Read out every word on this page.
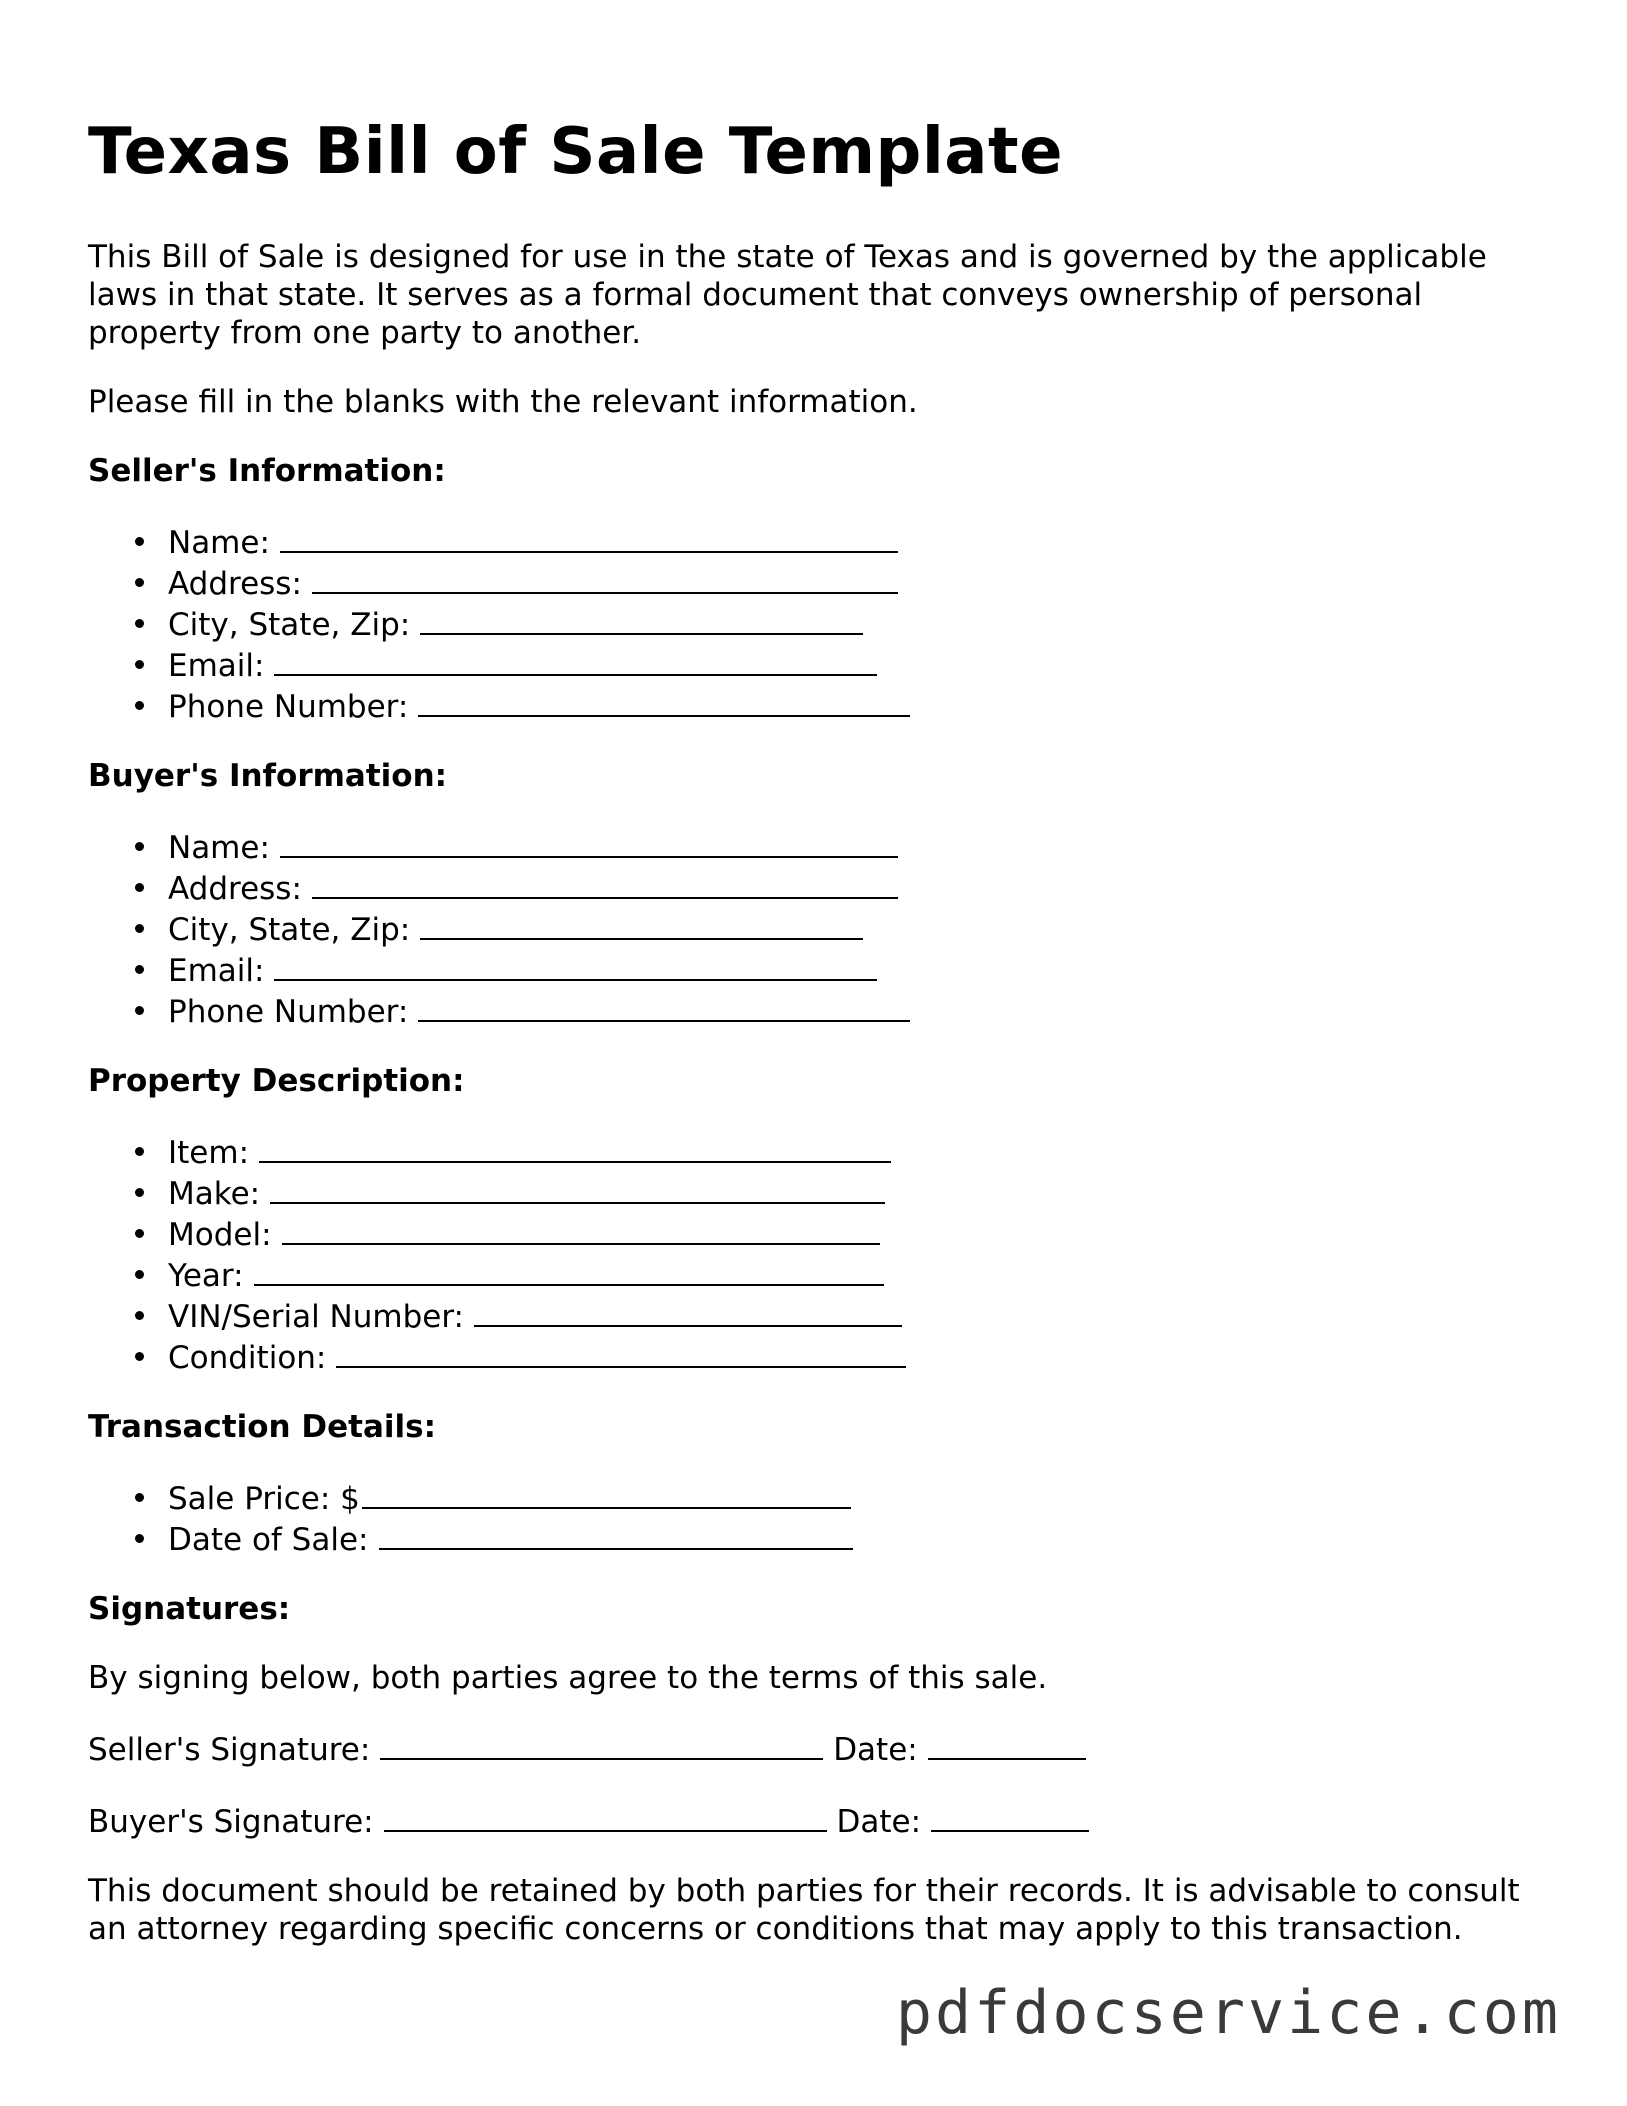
Texas Bill of Sale Template

This Bill of Sale is designed for use in the state of Texas and is governed by the applicable laws in that state. It serves as a formal document that conveys ownership of personal property from one party to another.

Please fill in the blanks with the relevant information.

Seller's Information:
Name:
Address:
City, State, Zip:
Email:
Phone Number:
Buyer's Information:
Name:
Address:
City, State, Zip:
Email:
Phone Number:
Property Description:
Item:
Make:
Model:
Year:
VIN/Serial Number:
Condition:
Transaction Details:
Sale Price: $
Date of Sale:
Signatures:

By signing below, both parties agree to the terms of this sale.

Seller's Signature:	Date:

Buyer's Signature:	Date:

This document should be retained by both parties for their records. It is advisable to consult an attorney regarding specific concerns or conditions that may apply to this transaction.

pdfdocservice.com
